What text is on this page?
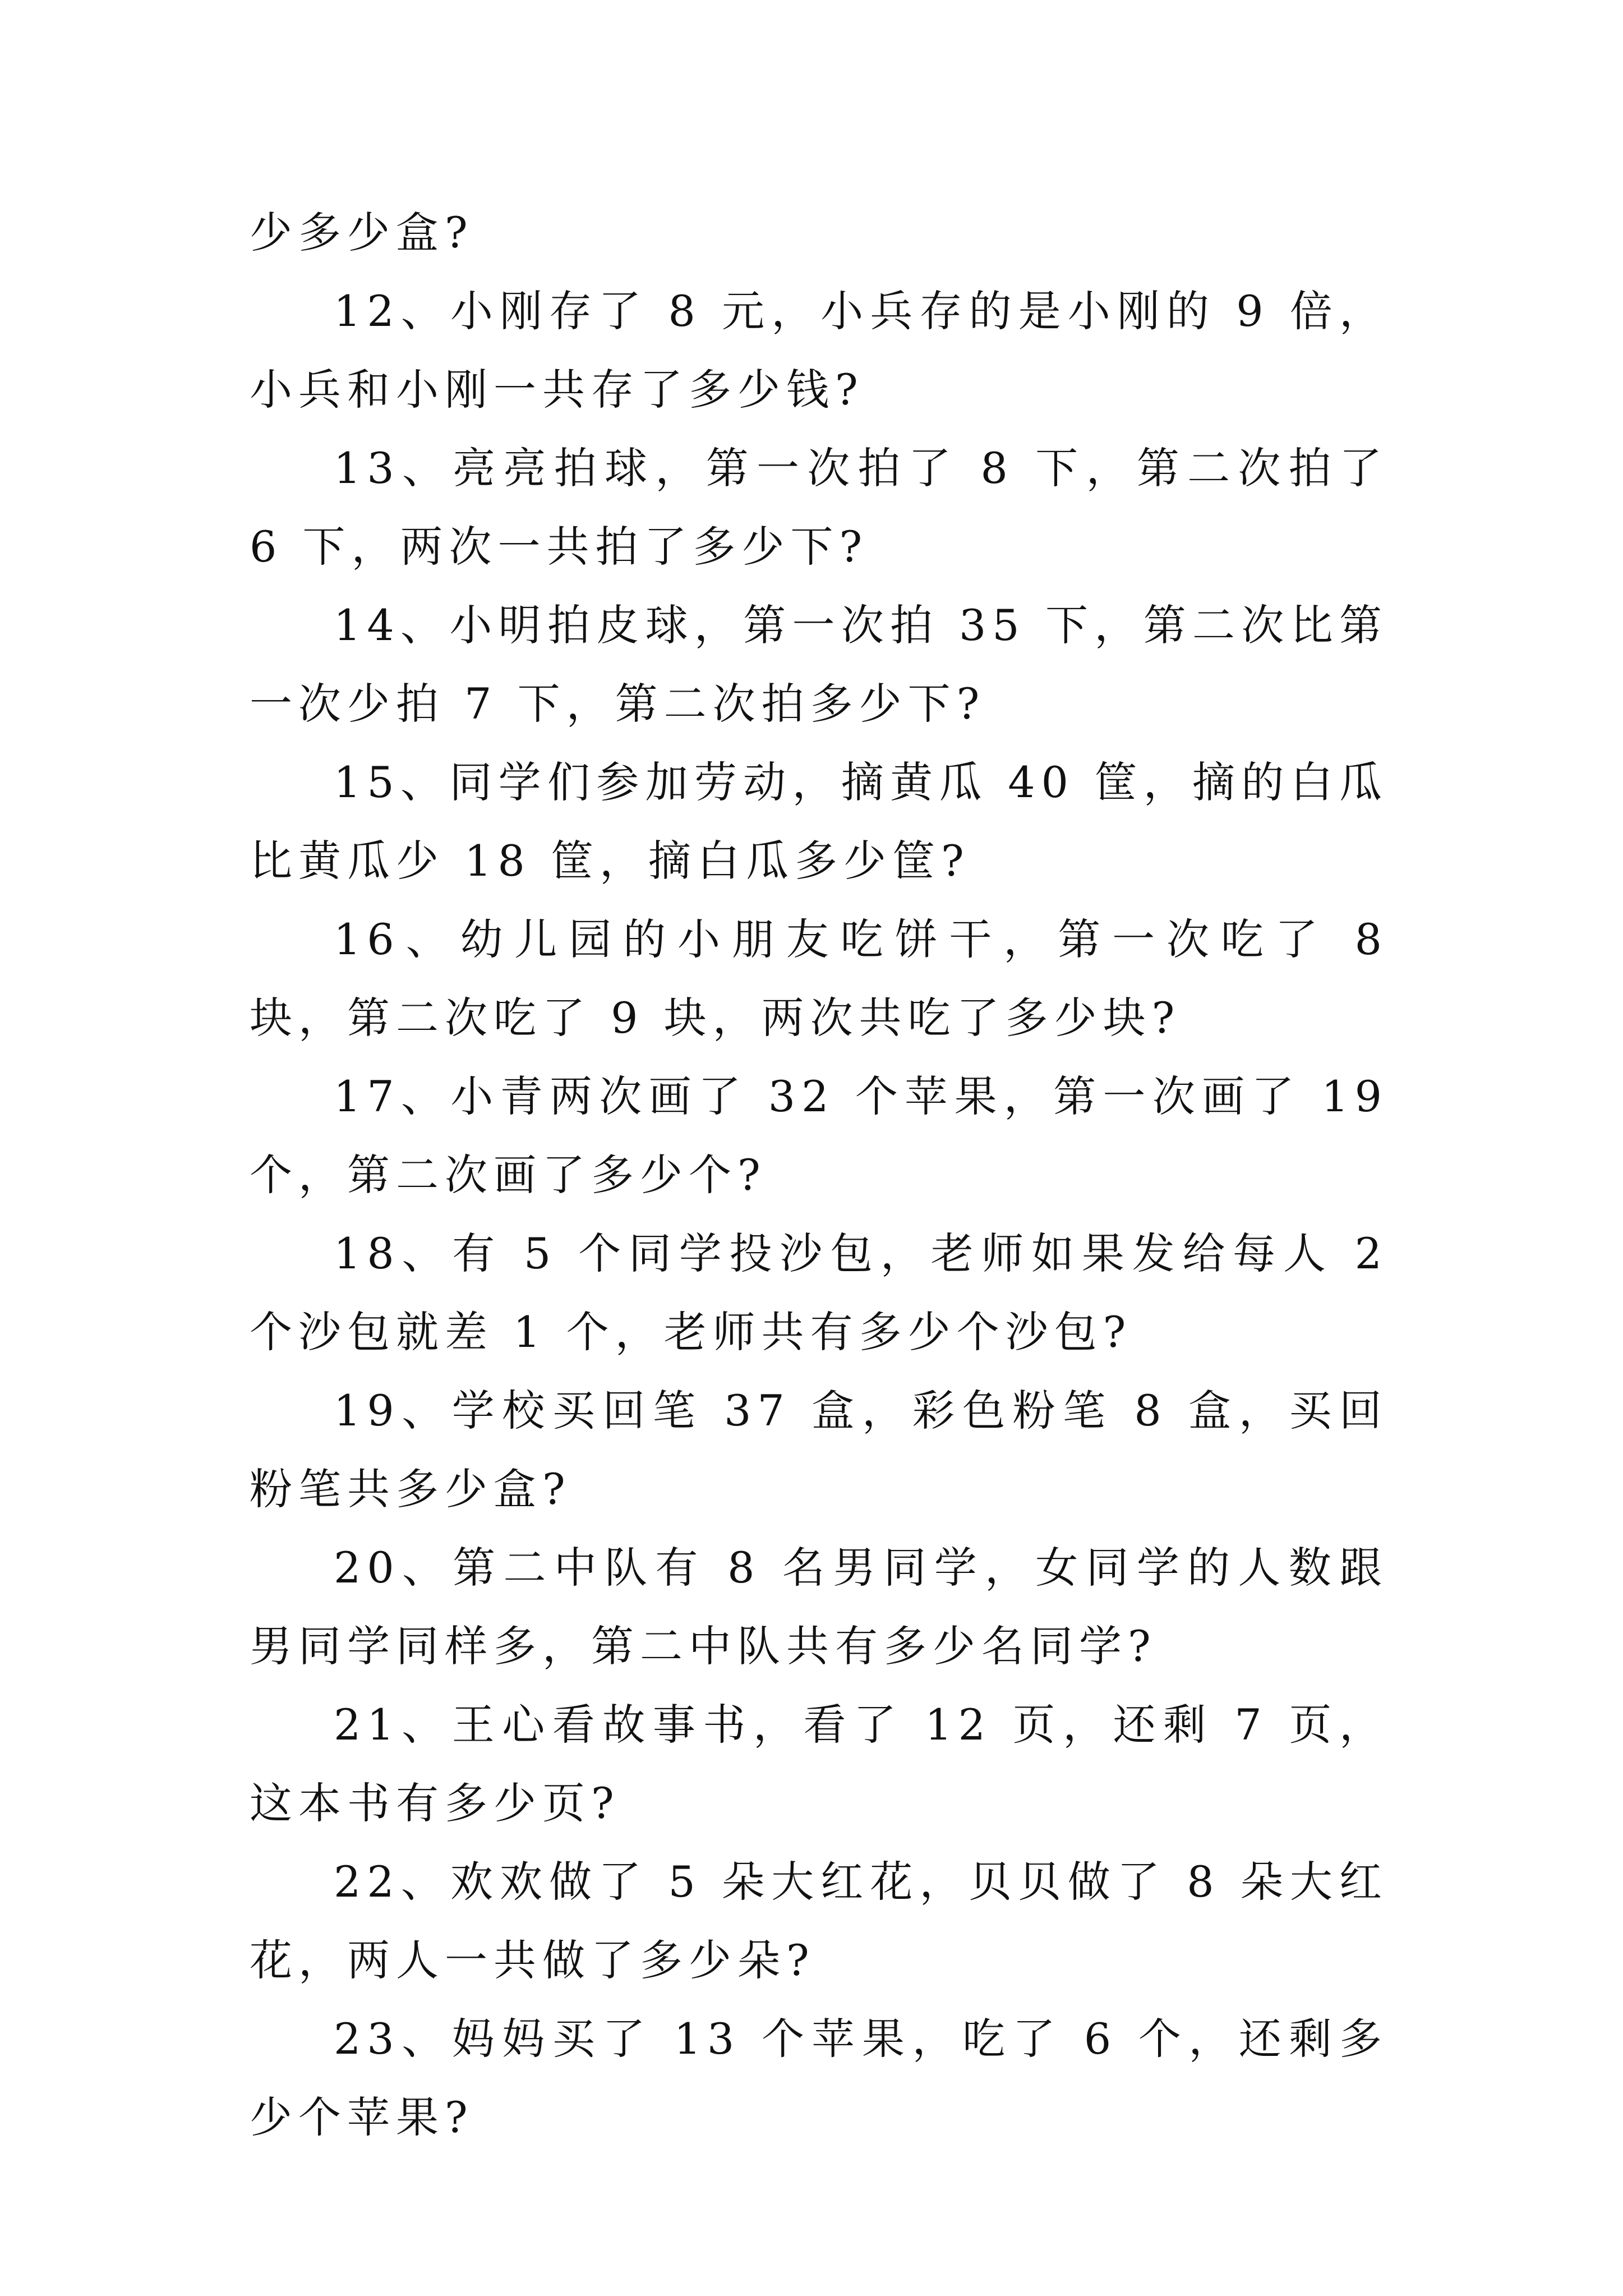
少多少盒?

12、小刚存了 8 元，小兵存的是小刚的 9 倍，小兵和小刚一共存了多少钱?

13、亮亮拍球，第一次拍了 8 下，第二次拍了 6 下，两次一共拍了多少下?

14、小明拍皮球，第一次拍 35 下，第二次比第一次少拍 7 下，第二次拍多少下?

15、同学们参加劳动，摘黄瓜 40 筐，摘的白瓜比黄瓜少 18 筐，摘白瓜多少筐?

16、幼儿园的小朋友吃饼干，第一次吃了 8 块，第二次吃了 9 块，两次共吃了多少块?

17、小青两次画了 32 个苹果，第一次画了 19 个，第二次画了多少个?

18、有 5 个同学投沙包，老师如果发给每人 2 个沙包就差 1 个，老师共有多少个沙包?

19、学校买回笔 37 盒，彩色粉笔 8 盒，买回粉笔共多少盒?

20、第二中队有 8 名男同学，女同学的人数跟男同学同样多，第二中队共有多少名同学?

21、王心看故事书，看了 12 页，还剩 7 页，这本书有多少页?

22、欢欢做了 5 朵大红花，贝贝做了 8 朵大红花，两人一共做了多少朵?

23、妈妈买了 13 个苹果，吃了 6 个，还剩多少个苹果?
